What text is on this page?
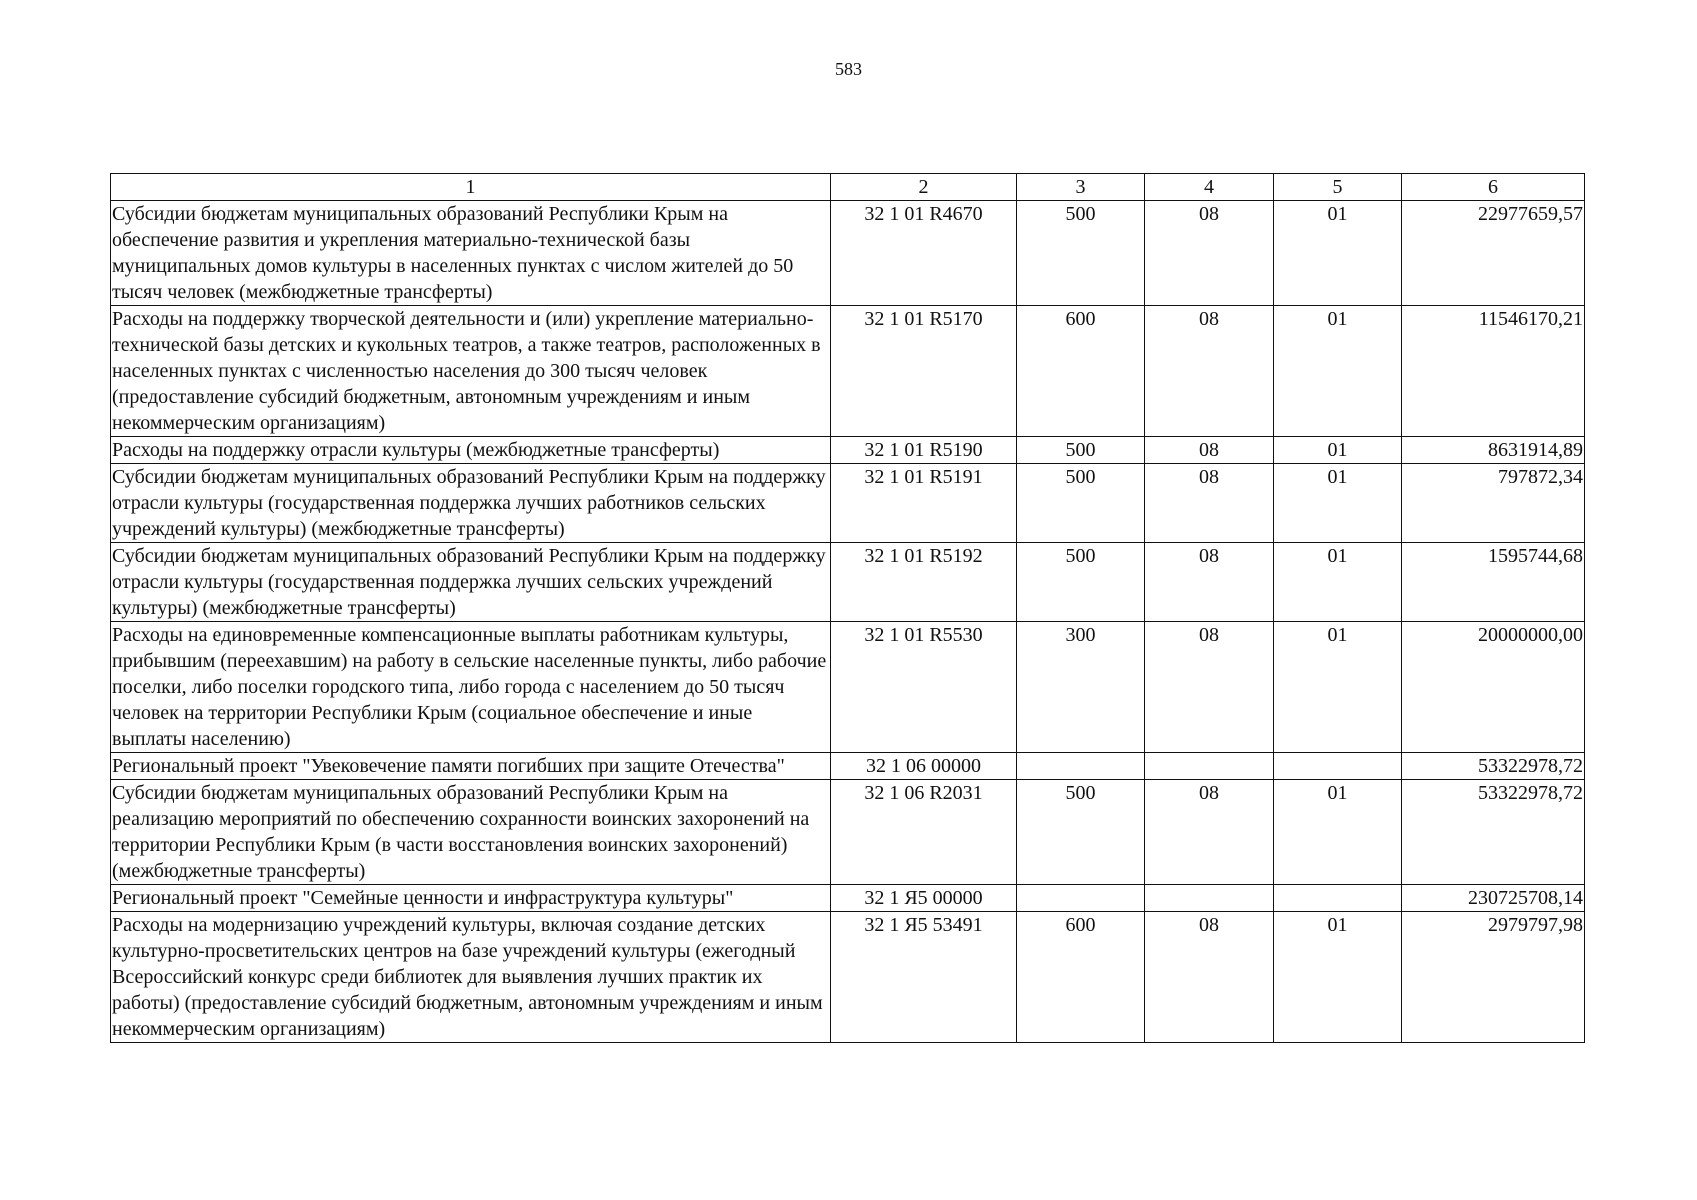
583
1	2	3	4	5	6
Субсидии бюджетам муниципальных образований Республики Крым на обеспечение развития и укрепления материально-технической базы муниципальных домов культуры в населенных пунктах с числом жителей до 50 тысяч человек (межбюджетные трансферты)	32 1 01 R4670	500	08	01	22977659,57
Расходы на поддержку творческой деятельности и (или) укрепление материально-технической базы детских и кукольных театров, а также театров, расположенных в населенных пунктах с численностью населения до 300 тысяч человек (предоставление субсидий бюджетным, автономным учреждениям и иным некоммерческим организациям)	32 1 01 R5170	600	08	01	11546170,21
Расходы на поддержку отрасли культуры (межбюджетные трансферты)	32 1 01 R5190	500	08	01	8631914,89
Субсидии бюджетам муниципальных образований Республики Крым на поддержку отрасли культуры (государственная поддержка лучших работников сельских учреждений культуры) (межбюджетные трансферты)	32 1 01 R5191	500	08	01	797872,34
Субсидии бюджетам муниципальных образований Республики Крым на поддержку отрасли культуры (государственная поддержка лучших сельских учреждений культуры) (межбюджетные трансферты)	32 1 01 R5192	500	08	01	1595744,68
Расходы на единовременные компенсационные выплаты работникам культуры, прибывшим (переехавшим) на работу в сельские населенные пункты, либо рабочие поселки, либо поселки городского типа, либо города с населением до 50 тысяч человек на территории Республики Крым (социальное обеспечение и иные выплаты населению)	32 1 01 R5530	300	08	01	20000000,00
Региональный проект "Увековечение памяти погибших при защите Отечества"	32 1 06 00000				53322978,72
Субсидии бюджетам муниципальных образований Республики Крым на реализацию мероприятий по обеспечению сохранности воинских захоронений на территории Республики Крым (в части восстановления воинских захоронений) (межбюджетные трансферты)	32 1 06 R2031	500	08	01	53322978,72
Региональный проект "Семейные ценности и инфраструктура культуры"	32 1 Я5 00000				230725708,14
Расходы на модернизацию учреждений культуры, включая создание детских культурно-просветительских центров на базе учреждений культуры (ежегодный Всероссийский конкурс среди библиотек для выявления лучших практик их работы) (предоставление субсидий бюджетным, автономным учреждениям и иным некоммерческим организациям)	32 1 Я5 53491	600	08	01	2979797,98
